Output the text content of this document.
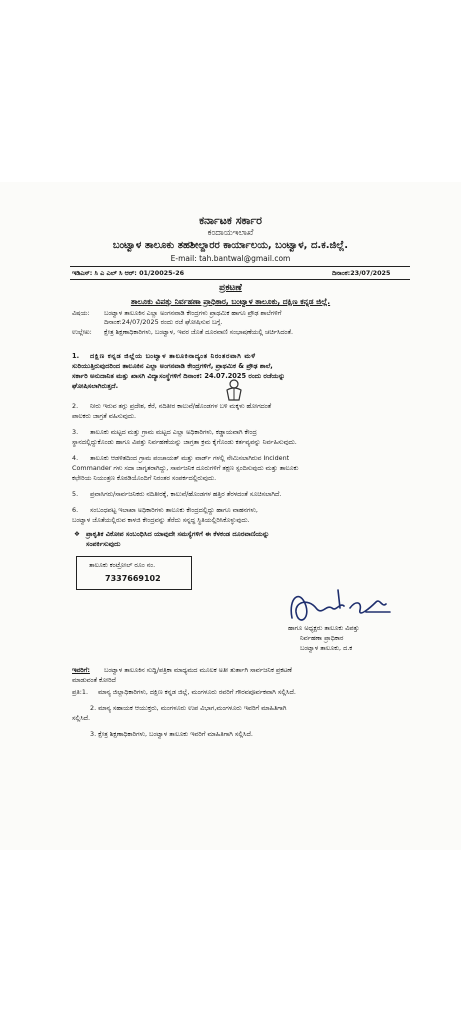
ಕರ್ನಾಟಕ ಸರ್ಕಾರ
ಕಂದಾಯಇಲಾಖೆ
ಬಂಟ್ವಾಳ ತಾಲೂಕು ತಹಶೀಲ್ದಾರರ ಕಾರ್ಯಾಲಯ, ಬಂಟ್ವಾಳ, ದ.ಕ.ಜಿಲ್ಲೆ.
E-mail: tah.bantwal@gmail.com
ಇಡಿಎಸ್: ಸಿ ಎ ಎಲ್ ಸಿ ಆರ್: 01/20025-26	ದಿನಾಂಕ:23/07/2025
ಪ್ರಕಟಣೆ
ತಾಲೂಕು ವಿಪತ್ತು ನಿರ್ವಹಣಾ ಪ್ರಾಧಿಕಾರ, ಬಂಟ್ವಾಳ ತಾಲೂಕು, ದಕ್ಷಿಣ ಕನ್ನಡ ಜಿಲ್ಲೆ.
ವಿಷಯ: ಬಂಟ್ವಾಳ ತಾಲೂಕಿನ ಎಲ್ಲಾ ಅಂಗನವಾಡಿ ಕೇಂದ್ರಗಳು ಪ್ರಾಥಮಿಕ ಹಾಗೂ ಪ್ರೌಢ ಶಾಲೆಗಳಿಗೆ
ದಿನಾಂಕ:24/07/2025 ರಂದು ರಜೆ ಘೋಷಿಸುವ ಬಗ್ಗೆ.
ಉಲ್ಲೇಖ: ಕ್ಷೇತ್ರ ಶಿಕ್ಷಣಾಧಿಕಾರಿಗಳು, ಬಂಟ್ವಾಳ, ಇವರ ಜೊತೆ ದೂರವಾಣಿ ಸಂಭಾಷಣೆಯಲ್ಲಿ ಚರ್ಚಿಸಿದಂತೆ.
1. ದಕ್ಷಿಣ ಕನ್ನಡ ಜಿಲ್ಲೆಯ ಬಂಟ್ವಾಳ ತಾಲೂಕಿನಾದ್ಯಂತ ನಿರಂತರವಾಗಿ ಮಳೆ
ಸುರಿಯುತ್ತಿರುವುದರಿಂದ ತಾಲೂಕಿನ ಎಲ್ಲಾ ಅಂಗನವಾಡಿ ಕೇಂದ್ರಗಳಿಗೆ, ಪ್ರಾಥಮಿಕ & ಪ್ರೌಢ ಶಾಲೆ,
ಸರ್ಕಾರಿ ಅನುದಾನಿತ ಮತ್ತು ಖಾಸಗಿ ವಿದ್ಯಾಸಂಸ್ಥೆಗಳಿಗೆ ದಿನಾಂಕ: 24.07.2025 ರಂದು ರಜೆಯನ್ನು
ಘೋಷಿಸಲಾಗಿರುತ್ತದೆ.
2. ನೀರು ಇರುವ ತಗ್ಗು ಪ್ರದೇಶ, ಕೆರೆ, ನದಿತೀರ ಕಾಲುವೆ/ಹೊಂಡಗಳ ಬಳಿ ಮಕ್ಕಳು ಹೋಗದಂತೆ
ಪಾಲಕರು ಜಾಗ್ರತೆ ವಹಿಸುವುದು.
3. ತಾಲೂಕು ಮಟ್ಟದ ಮತ್ತು ಗ್ರಾಮ ಮಟ್ಟದ ಎಲ್ಲಾ ಅಧಿಕಾರಿಗಳು, ಕಡ್ಡಾಯವಾಗಿ ಕೇಂದ್ರ
ಸ್ಥಾನದಲ್ಲಿದ್ದುಕೊಂಡು ಹಾಗೂ ವಿಪತ್ತು ನಿರ್ವಹಣೆಯನ್ನು ಜಾಗ್ರತಾ ಕ್ರಮ ಕೈಗೊಂಡು ಕರ್ತವ್ಯವನ್ನು ನಿರ್ವಹಿಸುವುದು.
4. ತಾಲೂಕು ಆಡಳಿತದಿಂದ ಗ್ರಾಮ ಪಂಚಾಯತ್ ಮತ್ತು ವಾರ್ಡ್ ಗಳಲ್ಲಿ ನೇಮಿಸಲಾಗಿರುವ Incident
Commander ಗಳು ಸದಾ ಜಾಗೃತರಾಗಿದ್ದು, ಸಾರ್ವಜನಿಕ ದೂರುಗಳಿಗೆ ತಕ್ಷಣ ಸ್ಪಂದಿಸುವುದು ಮತ್ತು ತಾಲೂಕು
ಕಛೇರಿಯ ನಿಯಂತ್ರಣ ಕೊಠಡಿಯೊಂದಿಗೆ ನಿರಂತರ ಸಂಪರ್ಕದಲ್ಲಿರುವುದು.
5. ಪ್ರವಾಸಿಗರು/ಸಾರ್ವಜನಿಕರು ನದಿತೀರಕ್ಕೆ, ಕಾಲುವೆ/ಹೊಂಡಗಳ ಹತ್ತಿರ ತೆರಳದಂತೆ ಸೂಚಿಸಲಾಗಿದೆ.
6. ಸಂಬಂಧಪಟ್ಟ ಇಲಾಖಾ ಅಧಿಕಾರಿಗಳು ತಾಲೂಕು ಕೇಂದ್ರದಲ್ಲಿದ್ದು ಹಾಗೂ ವಾಹನಗಳು,
ಬಂಟ್ವಾಳ ಜೊತೆಯಲ್ಲಿರುವ ಕಾಳಜಿ ಕೇಂದ್ರವನ್ನು ತೆರೆದು ಸನ್ನದ್ಧ ಸ್ಥಿತಿಯಲ್ಲಿರಿಸಿಕೊಳ್ಳುವುದು.
❖ ಪ್ರಾಕೃತಿಕ ವಿಕೋಪ ಸಂಬಂಧಿಸಿದ ಯಾವುದೇ ಸಮಸ್ಯೆಗಳಿಗೆ ಈ ಕೆಳಕಂಡ ದೂರವಾಣಿಯನ್ನು
ಸಂಪರ್ಕಿಸುವುದು
ತಾಲೂಕು ಕಂಟ್ರೋಲ್ ರೂಂ ನಂ.
7337669102
ಹಾಗೂ ಅಧ್ಯಕ್ಷರು ತಾಲೂಕು ವಿಪತ್ತು
ನಿರ್ವಹಣಾ ಪ್ರಾಧಿಕಾರ
ಬಂಟ್ವಾಳ ತಾಲೂಕು, ದ.ಕ
ಇವರಿಗೆ: ಬಂಟ್ವಾಳ ತಾಲೂಕಿನ ಸುದ್ದಿ/ಪತ್ರಿಕಾ ಮಾಧ್ಯಮದ ಮೂಲಕ ಅತೀ ತುರ್ತಾಗಿ ಸಾರ್ವಜನಿಕ ಪ್ರಕಟಣೆ
ಮಾಡುವಂತೆ ಕೋರಿದೆ
ಪ್ರತಿ:1. ಮಾನ್ಯ ಜಿಲ್ಲಾಧಿಕಾರಿಗಳು, ದಕ್ಷಿಣ ಕನ್ನಡ ಜಿಲ್ಲೆ, ಮಂಗಳೂರು ರವರಿಗೆ ಗೌರವಪೂರ್ವಕವಾಗಿ ಸಲ್ಲಿಸಿದೆ.
2. ಮಾನ್ಯ ಸಹಾಯಕ ಆಯುಕ್ತರು, ಮಂಗಳೂರು ಉಪ ವಿಭಾಗ,ಮಂಗಳೂರು ಇವರಿಗೆ ಮಾಹಿತಿಗಾಗಿ
ಸಲ್ಲಿಸಿದೆ.
3. ಕ್ಷೇತ್ರ ಶಿಕ್ಷಣಾಧಿಕಾರಿಗಳು, ಬಂಟ್ವಾಳ ತಾಲೂಕು ಇವರಿಗೆ ಮಾಹಿತಿಗಾಗಿ ಸಲ್ಲಿಸಿದೆ.
